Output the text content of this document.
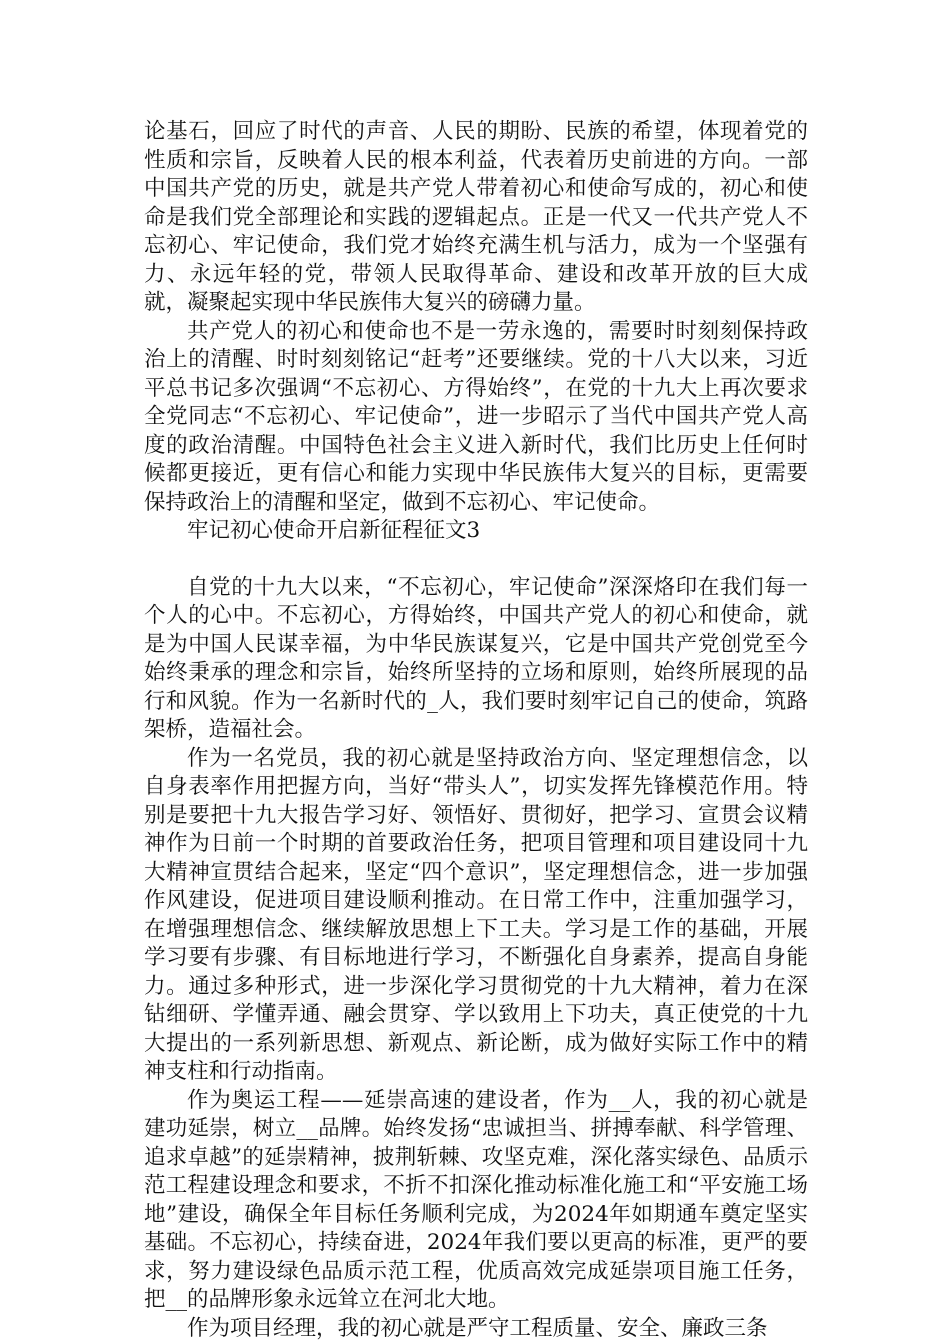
论基石，回应了时代的声音、人民的期盼、民族的希望，体现着党的性质和宗旨，反映着人民的根本利益，代表着历史前进的方向。一部中国共产党的历史，就是共产党人带着初心和使命写成的，初心和使命是我们党全部理论和实践的逻辑起点。正是一代又一代共产党人不忘初心、牢记使命，我们党才始终充满生机与活力，成为一个坚强有力、永远年轻的党，带领人民取得革命、建设和改革开放的巨大成就，凝聚起实现中华民族伟大复兴的磅礴力量。

共产党人的初心和使命也不是一劳永逸的，需要时时刻刻保持政治上的清醒、时时刻刻铭记“赶考”还要继续。党的十八大以来，习近平总书记多次强调“不忘初心、方得始终”，在党的十九大上再次要求全党同志“不忘初心、牢记使命”，进一步昭示了当代中国共产党人高度的政治清醒。中国特色社会主义进入新时代，我们比历史上任何时候都更接近，更有信心和能力实现中华民族伟大复兴的目标，更需要保持政治上的清醒和坚定，做到不忘初心、牢记使命。

牢记初心使命开启新征程征文3

自党的十九大以来，“不忘初心，牢记使命”深深烙印在我们每一个人的心中。不忘初心，方得始终，中国共产党人的初心和使命，就是为中国人民谋幸福，为中华民族谋复兴，它是中国共产党创党至今始终秉承的理念和宗旨，始终所坚持的立场和原则，始终所展现的品行和风貌。作为一名新时代的_人，我们要时刻牢记自己的使命，筑路架桥，造福社会。

作为一名党员，我的初心就是坚持政治方向、坚定理想信念，以自身表率作用把握方向，当好“带头人”，切实发挥先锋模范作用。特别是要把十九大报告学习好、领悟好、贯彻好，把学习、宣贯会议精神作为日前一个时期的首要政治任务，把项目管理和项目建设同十九大精神宣贯结合起来，坚定“四个意识”，坚定理想信念，进一步加强作风建设，促进项目建设顺利推动。在日常工作中，注重加强学习，在增强理想信念、继续解放思想上下工夫。学习是工作的基础，开展学习要有步骤、有目标地进行学习，不断强化自身素养，提高自身能力。通过多种形式，进一步深化学习贯彻党的十九大精神，着力在深钻细研、学懂弄通、融会贯穿、学以致用上下功夫，真正使党的十九大提出的一系列新思想、新观点、新论断，成为做好实际工作中的精神支柱和行动指南。

作为奥运工程——延崇高速的建设者，作为__人，我的初心就是建功延崇，树立__品牌。始终发扬“忠诚担当、拼搏奉献、科学管理、追求卓越”的延崇精神，披荆斩棘、攻坚克难，深化落实绿色、品质示范工程建设理念和要求，不折不扣深化推动标准化施工和“平安施工场地”建设，确保全年目标任务顺利完成，为2024年如期通车奠定坚实基础。不忘初心，持续奋进，2024年我们要以更高的标准，更严的要求，努力建设绿色品质示范工程，优质高效完成延崇项目施工任务，把__的品牌形象永远耸立在河北大地。

作为项目经理，我的初心就是严守工程质量、安全、廉政三条
